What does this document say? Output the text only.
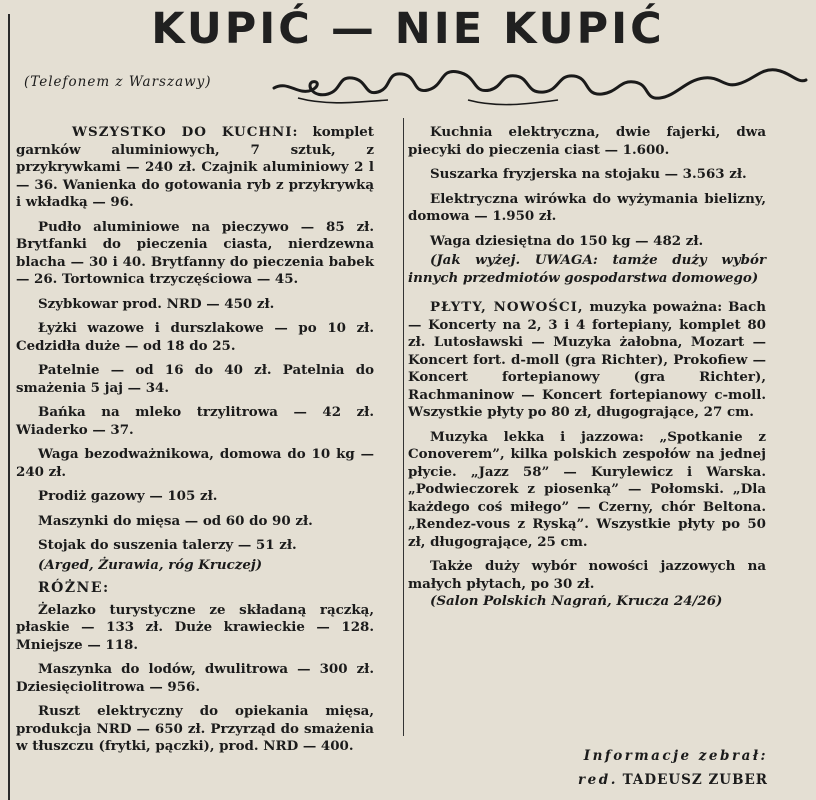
KUPIĆ — NIE KUPIĆ
(Telefonem z Warszawy)

WSZYSTKO DO KUCHNI: komplet garnków aluminiowych, 7 sztuk, z przykrywkami — 240 zł. Czajnik aluminiowy 2 l — 36. Wanienka do gotowania ryb z przykrywką i wkładką — 96.

Pudło aluminiowe na pieczywo — 85 zł. Brytfanki do pieczenia ciasta, nierdzewna blacha — 30 i 40. Brytfanny do pieczenia babek — 26. Tortownica trzyczęściowa — 45.

Szybkowar prod. NRD — 450 zł.

Łyżki wazowe i durszlakowe — po 10 zł. Cedzidła duże — od 18 do 25.

Patelnie — od 16 do 40 zł. Patelnia do smażenia 5 jaj — 34.

Bańka na mleko trzylitrowa — 42 zł. Wiaderko — 37.

Waga bezodważnikowa, domowa do 10 kg — 240 zł.

Prodiż gazowy — 105 zł.

Maszynki do mięsa — od 60 do 90 zł.

Stojak do suszenia talerzy — 51 zł.

(Arged, Żurawia, róg Kruczej)

RÓŻNE:

Żelazko turystyczne ze składaną rączką, płaskie — 133 zł. Duże krawieckie — 128. Mniejsze — 118.

Maszynka do lodów, dwulitrowa — 300 zł. Dziesięciolitrowa — 956.

Ruszt elektryczny do opiekania mięsa, produkcja NRD — 650 zł. Przyrząd do smażenia w tłuszczu (frytki, pączki), prod. NRD — 400.

Kuchnia elektryczna, dwie fajerki, dwa piecyki do pieczenia ciast — 1.600.

Suszarka fryzjerska na stojaku — 3.563 zł.

Elektryczna wirówka do wyżymania bielizny, domowa — 1.950 zł.

Waga dziesiętna do 150 kg — 482 zł.

(Jak wyżej. UWAGA: tamże duży wybór innych przedmiotów gospodarstwa domowego)

PŁYTY, NOWOŚCI, muzyka poważna: Bach — Koncerty na 2, 3 i 4 fortepiany, komplet 80 zł. Lutosławski — Muzyka żałobna, Mozart — Koncert fort. d-moll (gra Richter), Prokofiew — Koncert fortepianowy (gra Richter), Rachmaninow — Koncert fortepianowy c-moll. Wszystkie płyty po 80 zł, długogrające, 27 cm.

Muzyka lekka i jazzowa: „Spotkanie z Conoverem”, kilka polskich zespołów na jednej płycie. „Jazz 58” — Kurylewicz i Warska. „Podwieczorek z piosenką” — Połomski. „Dla każdego coś miłego” — Czerny, chór Beltona. „Rendez-vous z Ryską”. Wszystkie płyty po 50 zł, długogrające, 25 cm.

Także duży wybór nowości jazzowych na małych płytach, po 30 zł.

(Salon Polskich Nagrań, Krucza 24/26)

Informacje zebrał:
red. TADEUSZ ZUBER
